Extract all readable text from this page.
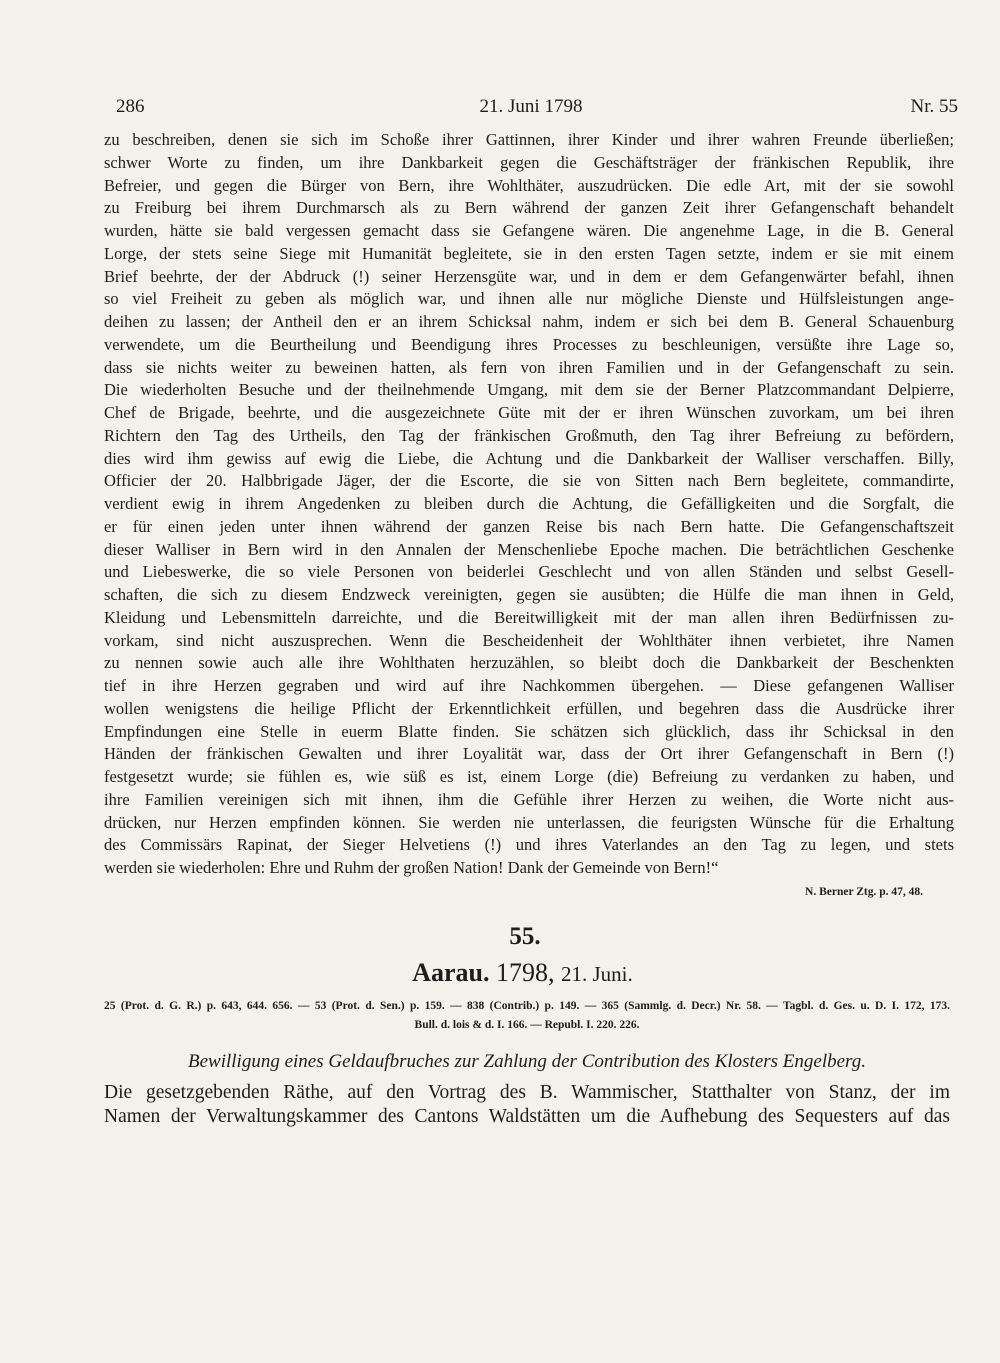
286	21. Juni 1798	Nr. 55
zu beschreiben, denen sie sich im Schoße ihrer Gattinnen, ihrer Kinder und ihrer wahren Freunde überließen;
schwer Worte zu finden, um ihre Dankbarkeit gegen die Geschäftsträger der fränkischen Republik, ihre
Befreier, und gegen die Bürger von Bern, ihre Wohlthäter, auszudrücken. Die edle Art, mit der sie sowohl
zu Freiburg bei ihrem Durchmarsch als zu Bern während der ganzen Zeit ihrer Gefangenschaft behandelt
wurden, hätte sie bald vergessen gemacht dass sie Gefangene wären. Die angenehme Lage, in die B. General
Lorge, der stets seine Siege mit Humanität begleitete, sie in den ersten Tagen setzte, indem er sie mit einem
Brief beehrte, der der Abdruck (!) seiner Herzensgüte war, und in dem er dem Gefangenwärter befahl, ihnen
so viel Freiheit zu geben als möglich war, und ihnen alle nur mögliche Dienste und Hülfsleistungen ange-
deihen zu lassen; der Antheil den er an ihrem Schicksal nahm, indem er sich bei dem B. General Schauenburg
verwendete, um die Beurtheilung und Beendigung ihres Processes zu beschleunigen, versüßte ihre Lage so,
dass sie nichts weiter zu beweinen hatten, als fern von ihren Familien und in der Gefangenschaft zu sein.
Die wiederholten Besuche und der theilnehmende Umgang, mit dem sie der Berner Platzcommandant Delpierre,
Chef de Brigade, beehrte, und die ausgezeichnete Güte mit der er ihren Wünschen zuvorkam, um bei ihren
Richtern den Tag des Urtheils, den Tag der fränkischen Großmuth, den Tag ihrer Befreiung zu befördern,
dies wird ihm gewiss auf ewig die Liebe, die Achtung und die Dankbarkeit der Walliser verschaffen. Billy,
Officier der 20. Halbbrigade Jäger, der die Escorte, die sie von Sitten nach Bern begleitete, commandirte,
verdient ewig in ihrem Angedenken zu bleiben durch die Achtung, die Gefälligkeiten und die Sorgfalt, die
er für einen jeden unter ihnen während der ganzen Reise bis nach Bern hatte. Die Gefangenschaftszeit
dieser Walliser in Bern wird in den Annalen der Menschenliebe Epoche machen. Die beträchtlichen Geschenke
und Liebeswerke, die so viele Personen von beiderlei Geschlecht und von allen Ständen und selbst Gesell-
schaften, die sich zu diesem Endzweck vereinigten, gegen sie ausübten; die Hülfe die man ihnen in Geld,
Kleidung und Lebensmitteln darreichte, und die Bereitwilligkeit mit der man allen ihren Bedürfnissen zu-
vorkam, sind nicht auszusprechen. Wenn die Bescheidenheit der Wohlthäter ihnen verbietet, ihre Namen
zu nennen sowie auch alle ihre Wohlthaten herzuzählen, so bleibt doch die Dankbarkeit der Beschenkten
tief in ihre Herzen gegraben und wird auf ihre Nachkommen übergehen. — Diese gefangenen Walliser
wollen wenigstens die heilige Pflicht der Erkenntlichkeit erfüllen, und begehren dass die Ausdrücke ihrer
Empfindungen eine Stelle in euerm Blatte finden. Sie schätzen sich glücklich, dass ihr Schicksal in den
Händen der fränkischen Gewalten und ihrer Loyalität war, dass der Ort ihrer Gefangenschaft in Bern (!)
festgesetzt wurde; sie fühlen es, wie süß es ist, einem Lorge (die) Befreiung zu verdanken zu haben, und
ihre Familien vereinigen sich mit ihnen, ihm die Gefühle ihrer Herzen zu weihen, die Worte nicht aus-
drücken, nur Herzen empfinden können. Sie werden nie unterlassen, die feurigsten Wünsche für die Erhaltung
des Commissärs Rapinat, der Sieger Helvetiens (!) und ihres Vaterlandes an den Tag zu legen, und stets
werden sie wiederholen: Ehre und Ruhm der großen Nation! Dank der Gemeinde von Bern!“
N. Berner Ztg. p. 47, 48.
55.
Aarau. 1798, 21. Juni.
25 (Prot. d. G. R.) p. 643, 644. 656. — 53 (Prot. d. Sen.) p. 159. — 838 (Contrib.) p. 149. — 365 (Sammlg. d. Decr.) Nr. 58. — Tagbl. d. Ges. u. D. I. 172, 173.
Bull. d. lois & d. I. 166. — Republ. I. 220. 226.
Bewilligung eines Geldaufbruches zur Zahlung der Contribution des Klosters Engelberg.
Die gesetzgebenden Räthe, auf den Vortrag des B. Wammischer, Statthalter von Stanz, der im
Namen der Verwaltungskammer des Cantons Waldstätten um die Aufhebung des Sequesters auf das
